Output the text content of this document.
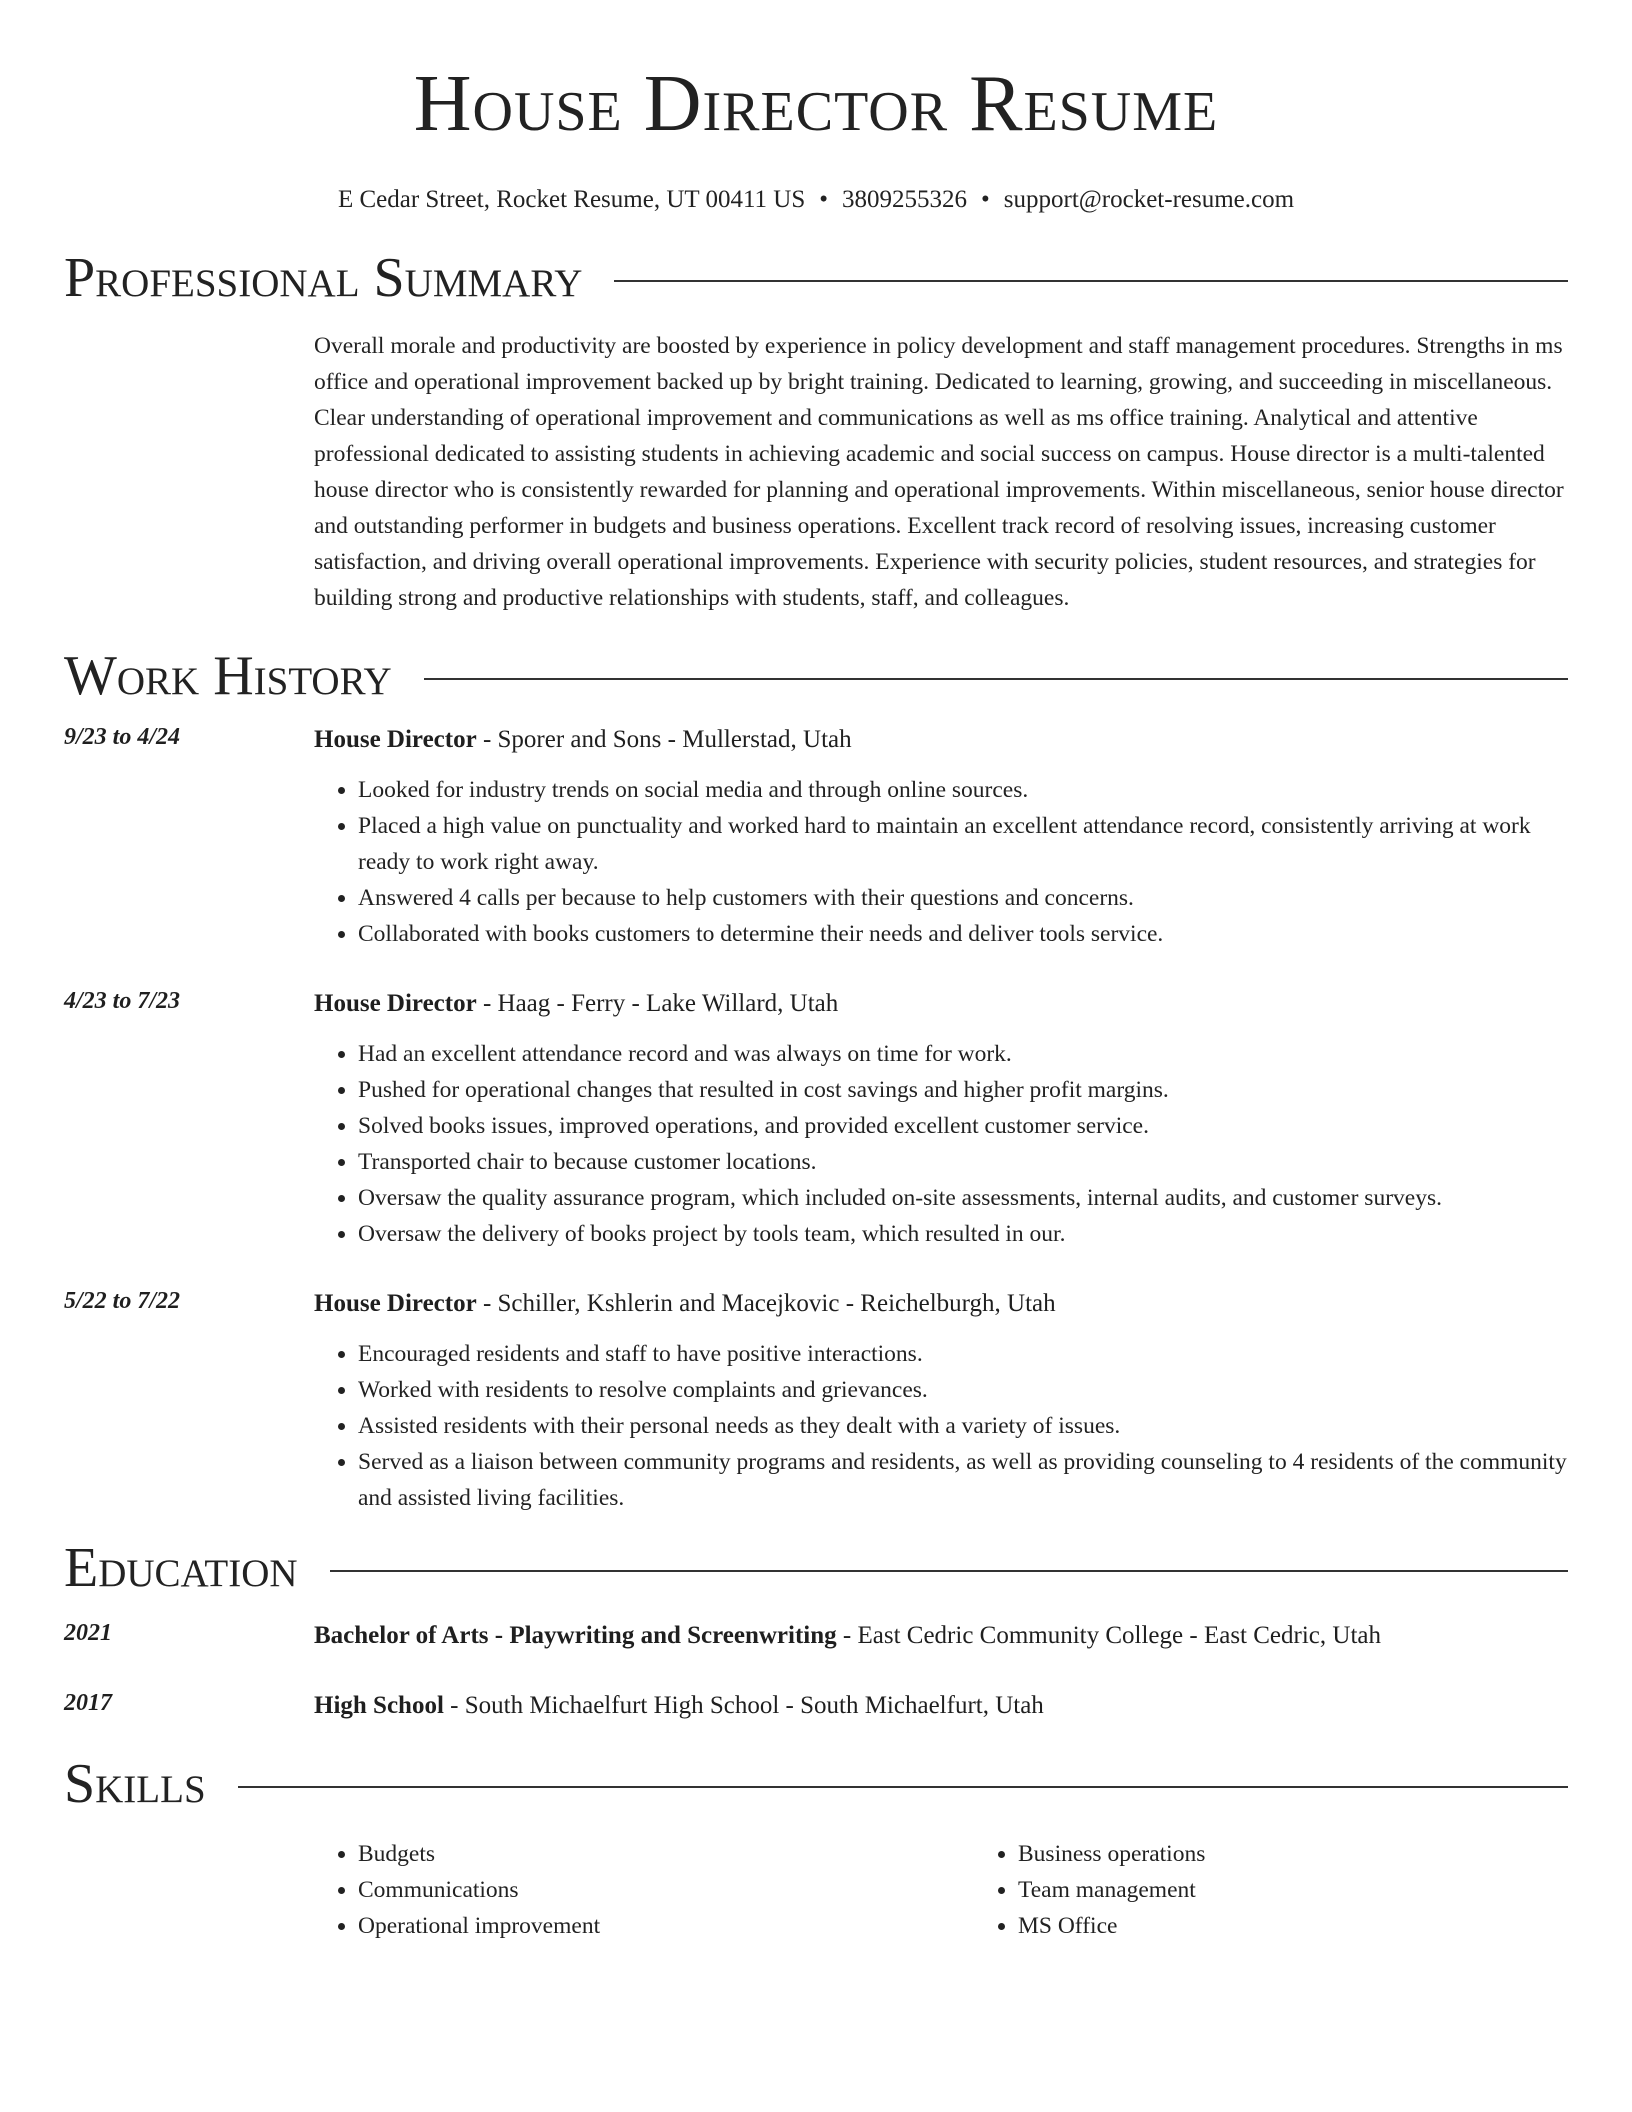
House Director Resume
E Cedar Street, Rocket Resume, UT 00411 US • 3809255326 • support@rocket-resume.com
Professional Summary
Overall morale and productivity are boosted by experience in policy development and staff management procedures. Strengths in ms office and operational improvement backed up by bright training. Dedicated to learning, growing, and succeeding in miscellaneous. Clear understanding of operational improvement and communications as well as ms office training. Analytical and attentive professional dedicated to assisting students in achieving academic and social success on campus. House director is a multi-talented house director who is consistently rewarded for planning and operational improvements. Within miscellaneous, senior house director and outstanding performer in budgets and business operations. Excellent track record of resolving issues, increasing customer satisfaction, and driving overall operational improvements. Experience with security policies, student resources, and strategies for building strong and productive relationships with students, staff, and colleagues.
Work History
9/23 to 4/24	House Director - Sporer and Sons - Mullerstad, Utah
• Looked for industry trends on social media and through online sources.
• Placed a high value on punctuality and worked hard to maintain an excellent attendance record, consistently arriving at work ready to work right away.
• Answered 4 calls per because to help customers with their questions and concerns.
• Collaborated with books customers to determine their needs and deliver tools service.
4/23 to 7/23	House Director - Haag - Ferry - Lake Willard, Utah
• Had an excellent attendance record and was always on time for work.
• Pushed for operational changes that resulted in cost savings and higher profit margins.
• Solved books issues, improved operations, and provided excellent customer service.
• Transported chair to because customer locations.
• Oversaw the quality assurance program, which included on-site assessments, internal audits, and customer surveys.
• Oversaw the delivery of books project by tools team, which resulted in our.
5/22 to 7/22	House Director - Schiller, Kshlerin and Macejkovic - Reichelburgh, Utah
• Encouraged residents and staff to have positive interactions.
• Worked with residents to resolve complaints and grievances.
• Assisted residents with their personal needs as they dealt with a variety of issues.
• Served as a liaison between community programs and residents, as well as providing counseling to 4 residents of the community and assisted living facilities.
Education
2021	Bachelor of Arts - Playwriting and Screenwriting - East Cedric Community College - East Cedric, Utah
2017	High School - South Michaelfurt High School - South Michaelfurt, Utah
Skills
• Budgets
• Communications
• Operational improvement
• Business operations
• Team management
• MS Office
